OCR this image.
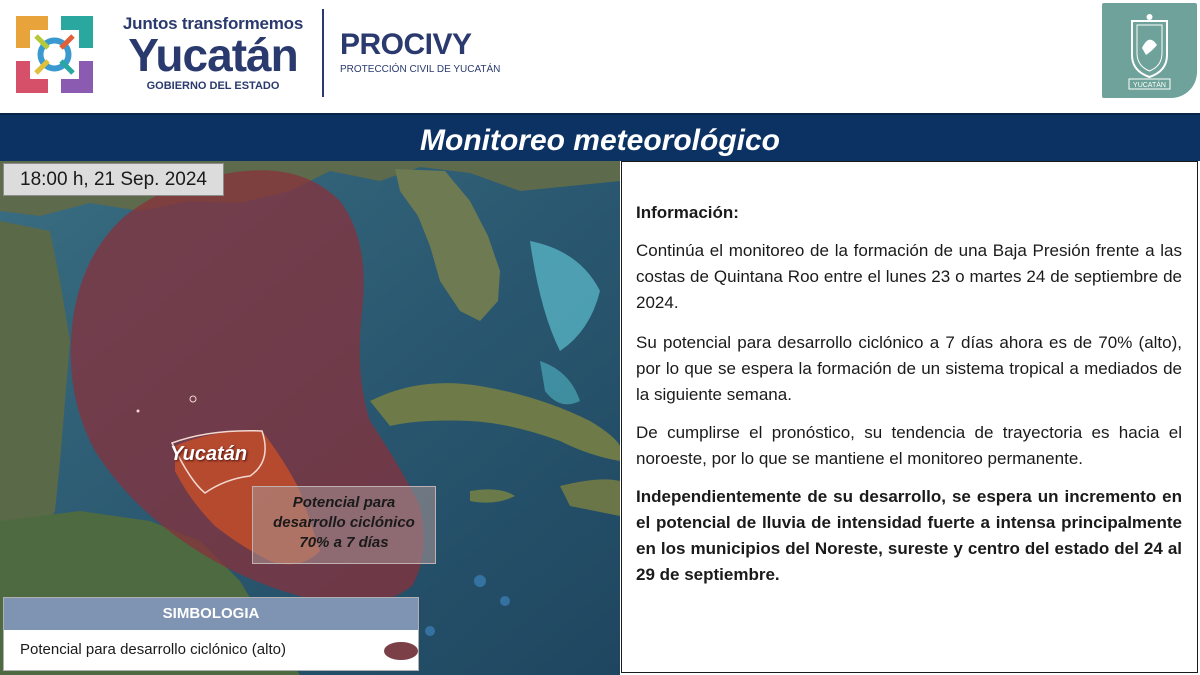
Juntos transformemos
Yucatán
GOBIERNO DEL ESTADO
PROCIVY
PROTECCIÓN CIVIL DE YUCATÁN
YUCATÁN
Monitoreo meteorológico
18:00 h, 21 Sep. 2024
Yucatán
Potencial para
desarrollo ciclónico
70% a 7 días
SIMBOLOGIA
Potencial para desarrollo ciclónico (alto)
Información:

Continúa el monitoreo de la formación de una Baja Presión frente a las costas de Quintana Roo entre el lunes 23 o martes 24 de septiembre de 2024.

Su potencial para desarrollo ciclónico a 7 días ahora es de 70% (alto), por lo que se espera la formación de un sistema tropical a mediados de la siguiente semana.

De cumplirse el pronóstico, su tendencia de trayectoria es hacia el noroeste, por lo que se mantiene el monitoreo permanente.

Independientemente de su desarrollo, se espera un incremento en el potencial de lluvia de intensidad fuerte a intensa principalmente en los municipios del Noreste, sureste y centro del estado del 24 al 29 de septiembre.
